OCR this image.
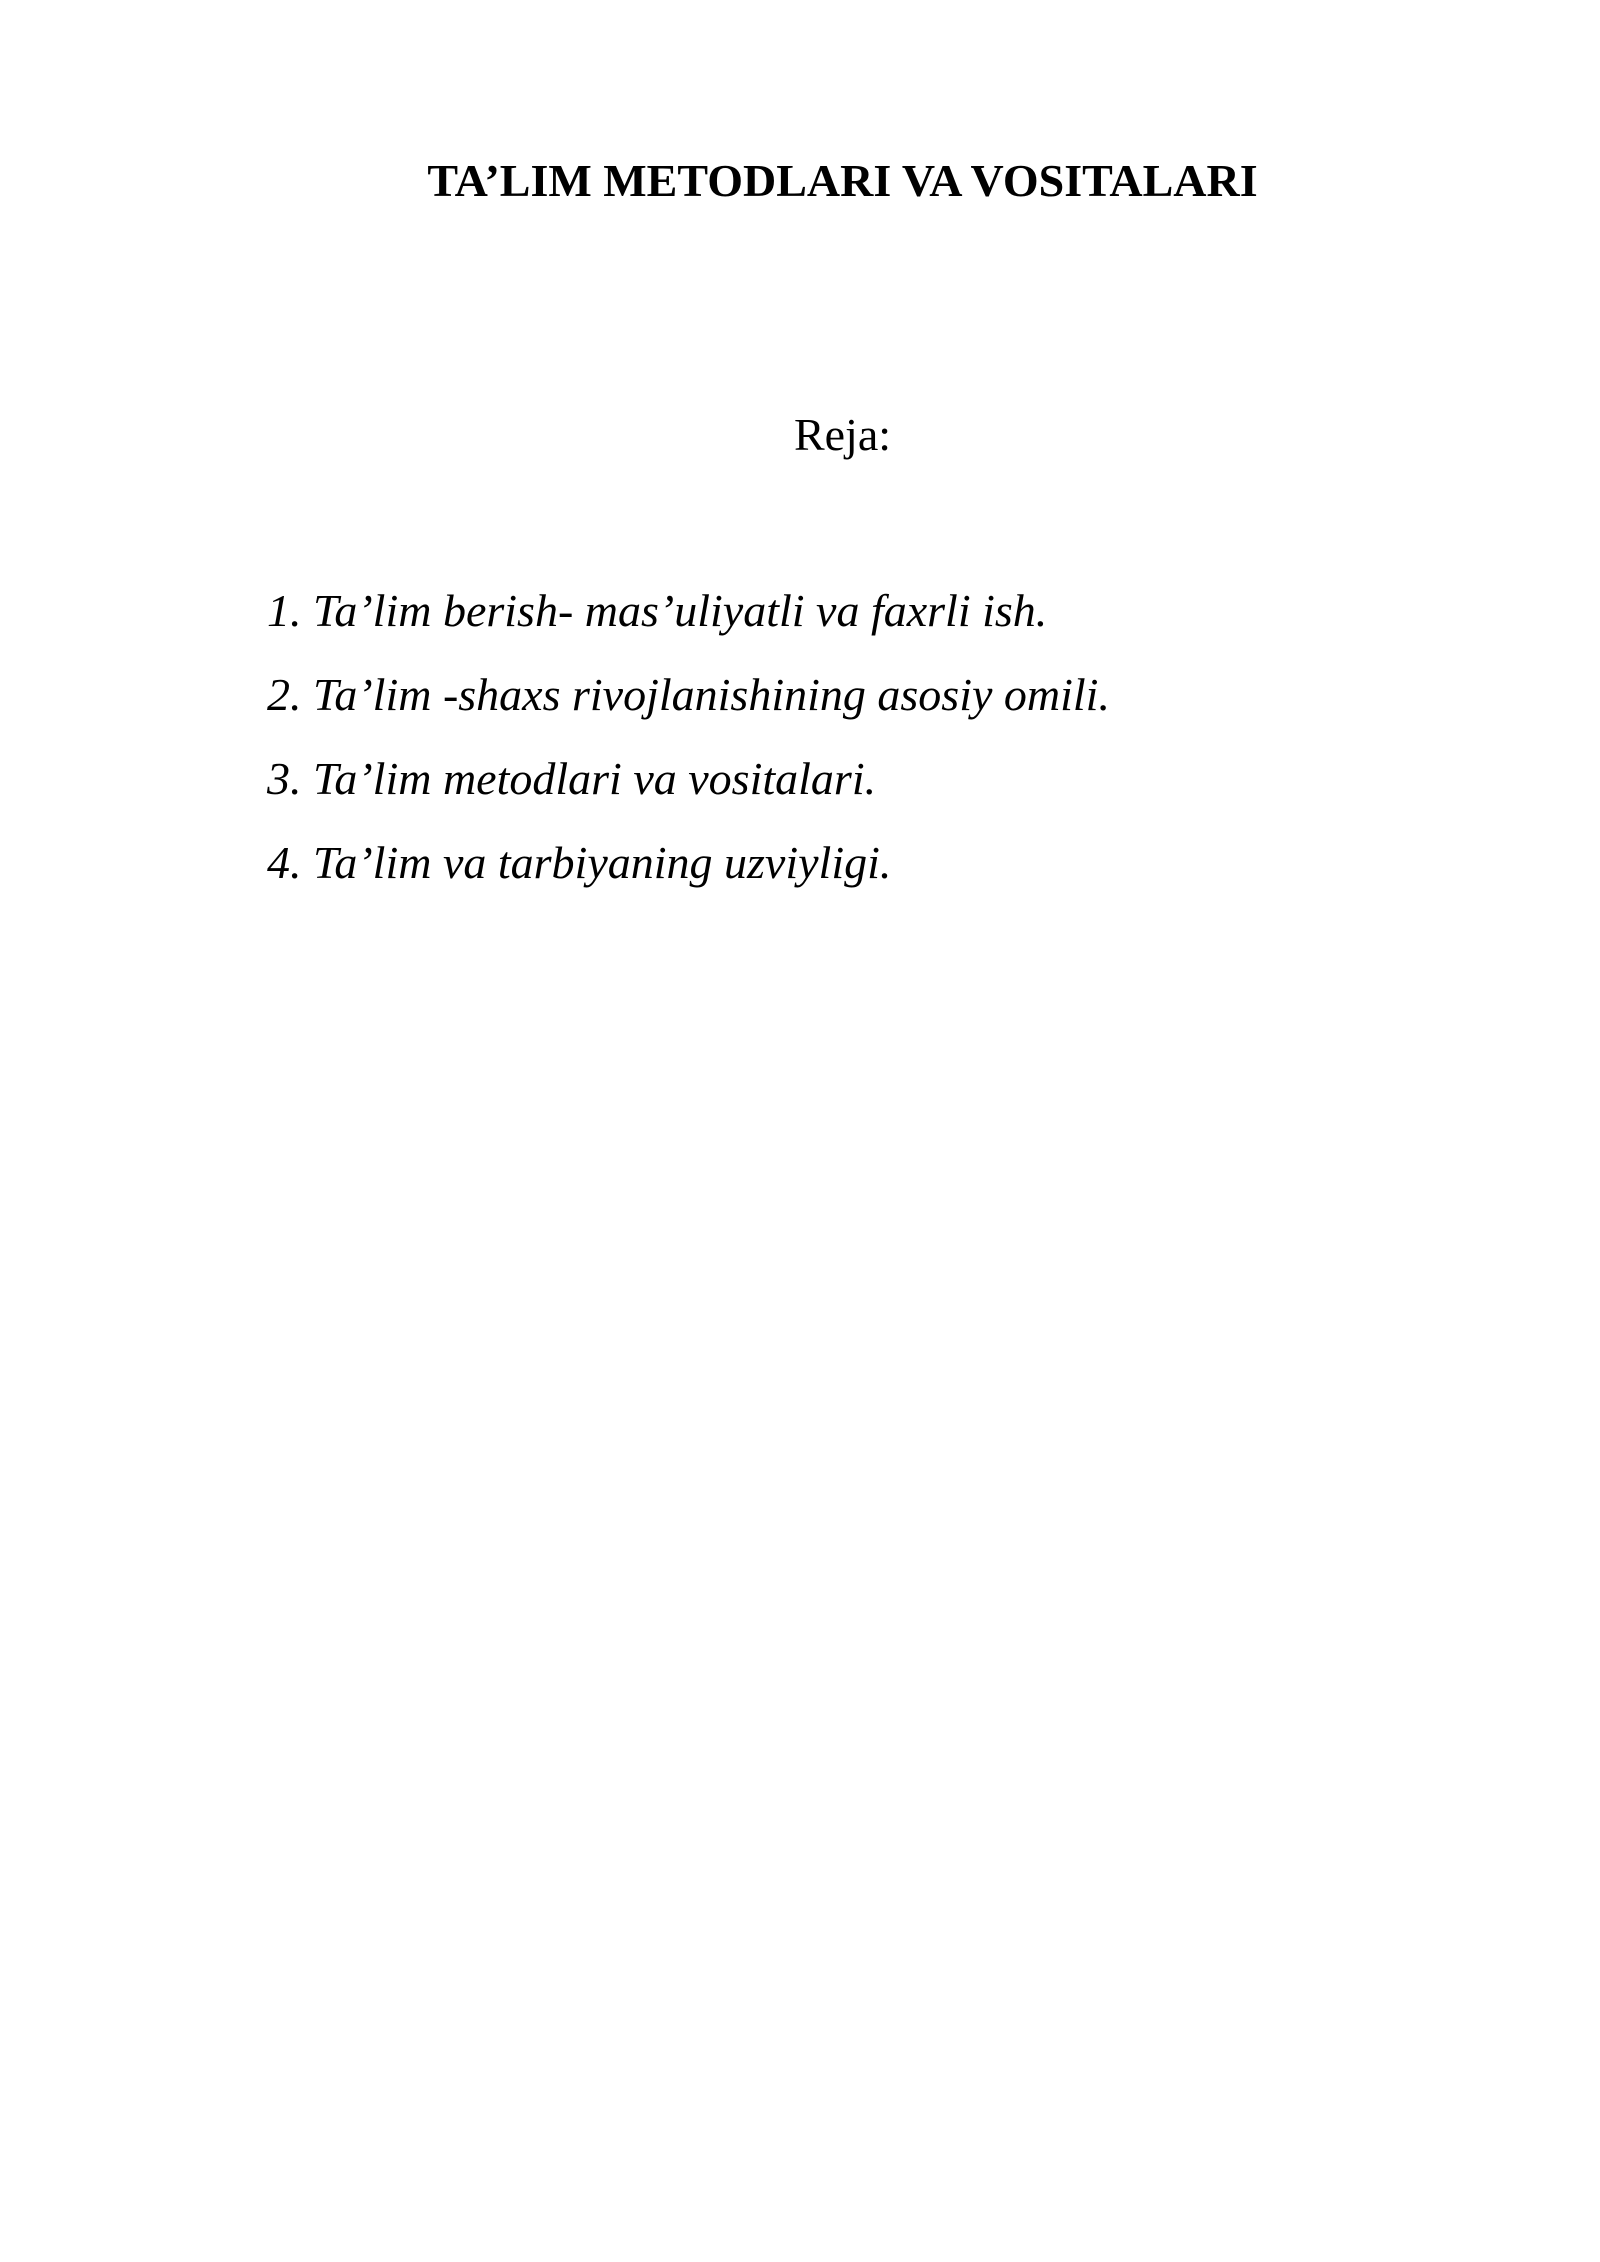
TA’LIM METODLARI VA VOSITALARI
Reja:
1. Ta’lim berish- mas’uliyatli va faxrli ish.
2. Ta’lim -shaxs rivojlanishining asosiy omili.
3. Ta’lim metodlari va vositalari.
4. Ta’lim va tarbiyaning uzviyligi.
